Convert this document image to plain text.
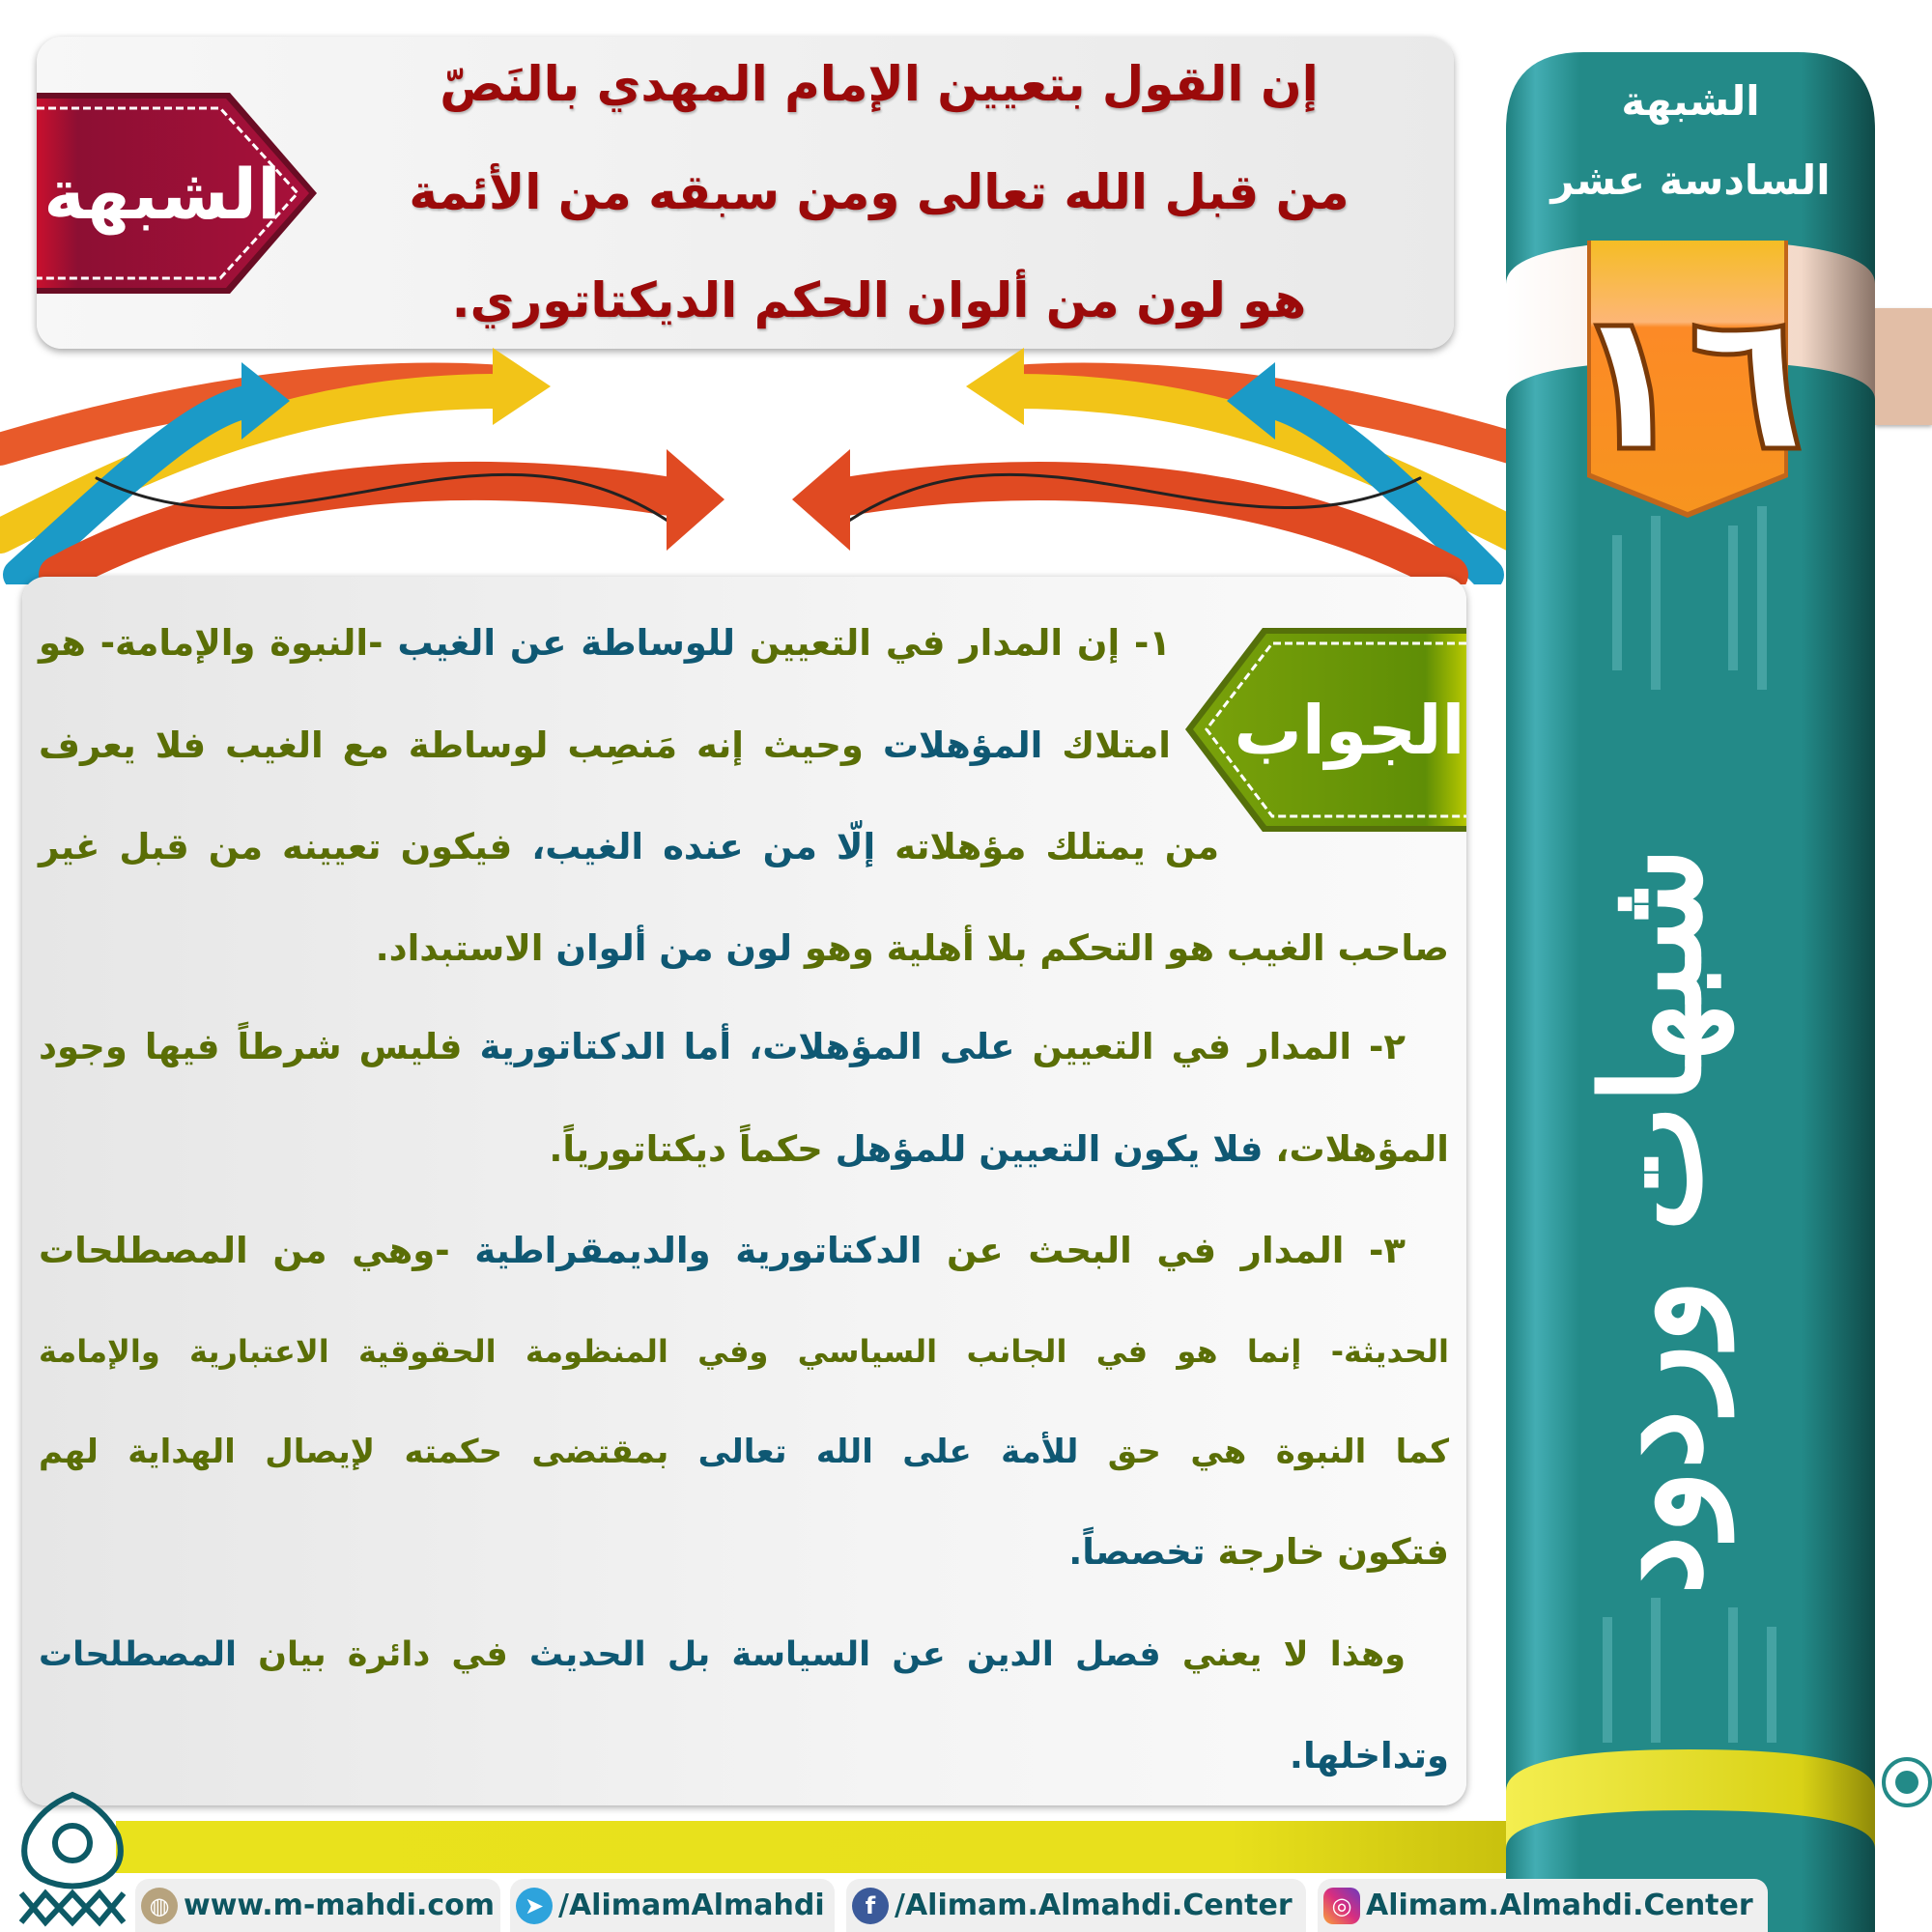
إن القول بتعيين الإمام المهدي بالنَصّ
من قبل الله تعالى ومن سبقه من الأئمة
هو لون من ألوان الحكم الديكتاتوري.
الشبهة
الجواب
١- إن المدار في التعيين للوساطة عن الغيب -النبوة والإمامة- هو
امتلاك المؤهلات وحيث إنه مَنصِب لوساطة مع الغيب فلا يعرف
من يمتلك مؤهلاته إلّا من عنده الغيب، فيكون تعيينه من قبل غير
صاحب الغيب هو التحكم بلا أهلية وهو لون من ألوان الاستبداد.
٢- المدار في التعيين على المؤهلات، أما الدكتاتورية فليس شرطاً فيها وجود
المؤهلات، فلا يكون التعيين للمؤهل حكماً ديكتاتورياً.
٣- المدار في البحث عن الدكتاتورية والديمقراطية -وهي من المصطلحات
الحديثة- إنما هو في الجانب السياسي وفي المنظومة الحقوقية الاعتبارية والإمامة
كما النبوة هي حق للأمة على الله تعالى بمقتضى حكمته لإيصال الهداية لهم
فتكون خارجة تخصصاً.
وهذا لا يعني فصل الدين عن السياسة بل الحديث في دائرة بيان المصطلحات
وتداخلها.
١٦
شبهات وردود
الشبهة
السادسة عشر
◍ www.m-mahdi.com	➤ /AlimamAlmahdi	f /Alimam.Almahdi.Center	◎ Alimam.Almahdi.Center
